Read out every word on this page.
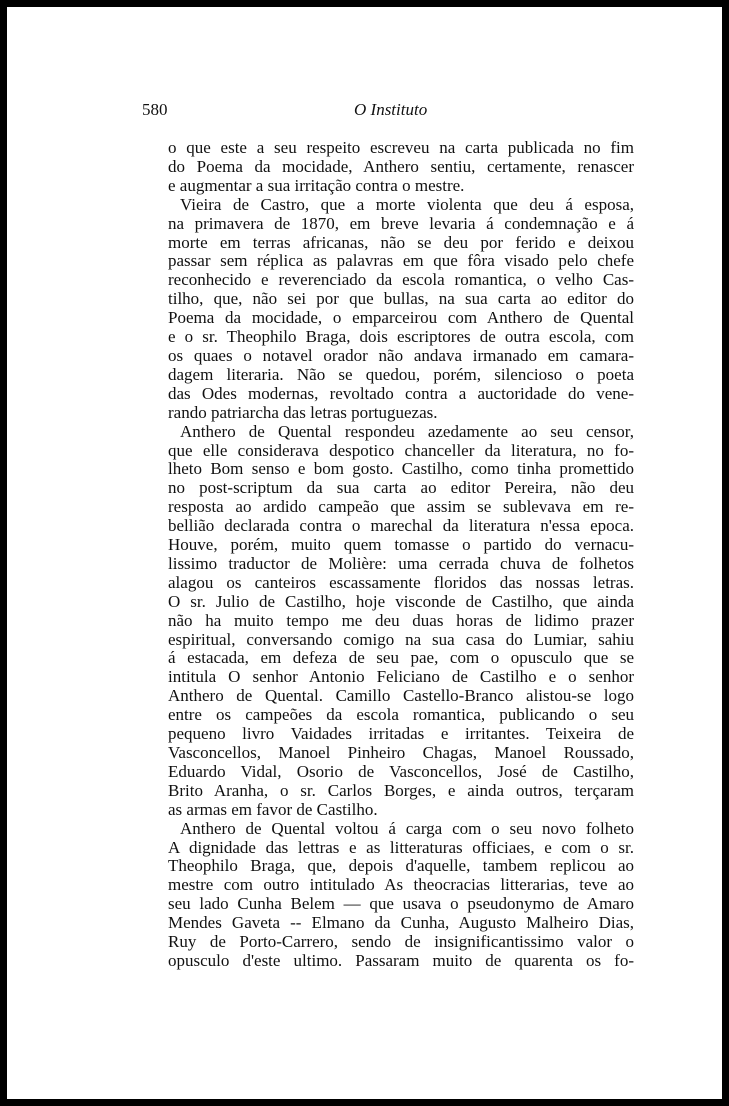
580	O Instituto

o que este a seu respeito escreveu na carta publicada no fim
do Poema da mocidade, Anthero sentiu, certamente, renascer
e augmentar a sua irritação contra o mestre.

Vieira de Castro, que a morte violenta que deu á esposa,
na primavera de 1870, em breve levaria á condemnação e á
morte em terras africanas, não se deu por ferido e deixou
passar sem réplica as palavras em que fôra visado pelo chefe
reconhecido e reverenciado da escola romantica, o velho Cas-
tilho, que, não sei por que bullas, na sua carta ao editor do
Poema da mocidade, o emparceirou com Anthero de Quental
e o sr. Theophilo Braga, dois escriptores de outra escola, com
os quaes o notavel orador não andava irmanado em camara-
dagem literaria. Não se quedou, porém, silencioso o poeta
das Odes modernas, revoltado contra a auctoridade do vene-
rando patriarcha das letras portuguezas.

Anthero de Quental respondeu azedamente ao seu censor,
que elle considerava despotico chanceller da literatura, no fo-
lheto Bom senso e bom gosto. Castilho, como tinha promettido
no post-scriptum da sua carta ao editor Pereira, não deu
resposta ao ardido campeão que assim se sublevava em re-
bellião declarada contra o marechal da literatura n'essa epoca.
Houve, porém, muito quem tomasse o partido do vernacu-
lissimo traductor de Molière: uma cerrada chuva de folhetos
alagou os canteiros escassamente floridos das nossas letras.
O sr. Julio de Castilho, hoje visconde de Castilho, que ainda
não ha muito tempo me deu duas horas de lidimo prazer
espiritual, conversando comigo na sua casa do Lumiar, sahiu
á estacada, em defeza de seu pae, com o opusculo que se
intitula O senhor Antonio Feliciano de Castilho e o senhor
Anthero de Quental. Camillo Castello-Branco alistou-se logo
entre os campeões da escola romantica, publicando o seu
pequeno livro Vaidades irritadas e irritantes. Teixeira de
Vasconcellos, Manoel Pinheiro Chagas, Manoel Roussado,
Eduardo Vidal, Osorio de Vasconcellos, José de Castilho,
Brito Aranha, o sr. Carlos Borges, e ainda outros, terçaram
as armas em favor de Castilho.

Anthero de Quental voltou á carga com o seu novo folheto
A dignidade das lettras e as litteraturas officiaes, e com o sr.
Theophilo Braga, que, depois d'aquelle, tambem replicou ao
mestre com outro intitulado As theocracias litterarias, teve ao
seu lado Cunha Belem — que usava o pseudonymo de Amaro
Mendes Gaveta -- Elmano da Cunha, Augusto Malheiro Dias,
Ruy de Porto-Carrero, sendo de insignificantissimo valor o
opusculo d'este ultimo. Passaram muito de quarenta os fo-
